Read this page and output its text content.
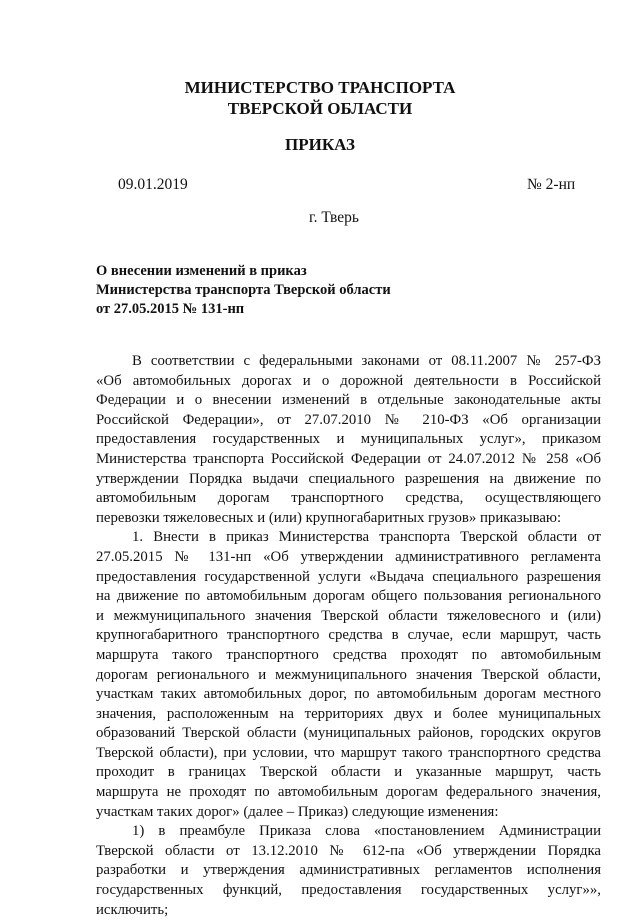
МИНИСТЕРСТВО ТРАНСПОРТА
ТВЕРСКОЙ ОБЛАСТИ
ПРИКАЗ
09.01.2019	№ 2-нп
г. Тверь
О внесении изменений в приказ
Министерства транспорта Тверской области
от 27.05.2015 № 131-нп
В соответствии с федеральными законами от 08.11.2007 № 257-ФЗ
«Об автомобильных дорогах и о дорожной деятельности в Российской
Федерации и о внесении изменений в отдельные законодательные акты
Российской Федерации», от 27.07.2010 № 210-ФЗ «Об организации
предоставления государственных и муниципальных услуг», приказом
Министерства транспорта Российской Федерации от 24.07.2012 № 258 «Об
утверждении Порядка выдачи специального разрешения на движение по
автомобильным дорогам транспортного средства, осуществляющего
перевозки тяжеловесных и (или) крупногабаритных грузов» приказываю:
1. Внести в приказ Министерства транспорта Тверской области от
27.05.2015 № 131-нп «Об утверждении административного регламента
предоставления государственной услуги «Выдача специального разрешения
на движение по автомобильным дорогам общего пользования регионального
и межмуниципального значения Тверской области тяжеловесного и (или)
крупногабаритного транспортного средства в случае, если маршрут, часть
маршрута такого транспортного средства проходят по автомобильным
дорогам регионального и межмуниципального значения Тверской области,
участкам таких автомобильных дорог, по автомобильным дорогам местного
значения, расположенным на территориях двух и более муниципальных
образований Тверской области (муниципальных районов, городских округов
Тверской области), при условии, что маршрут такого транспортного средства
проходит в границах Тверской области и указанные маршрут, часть
маршрута не проходят по автомобильным дорогам федерального значения,
участкам таких дорог» (далее – Приказ) следующие изменения:
1) в преамбуле Приказа слова «постановлением Администрации
Тверской области от 13.12.2010 № 612-па «Об утверждении Порядка
разработки и утверждения административных регламентов исполнения
государственных функций, предоставления государственных услуг»»,
исключить;
